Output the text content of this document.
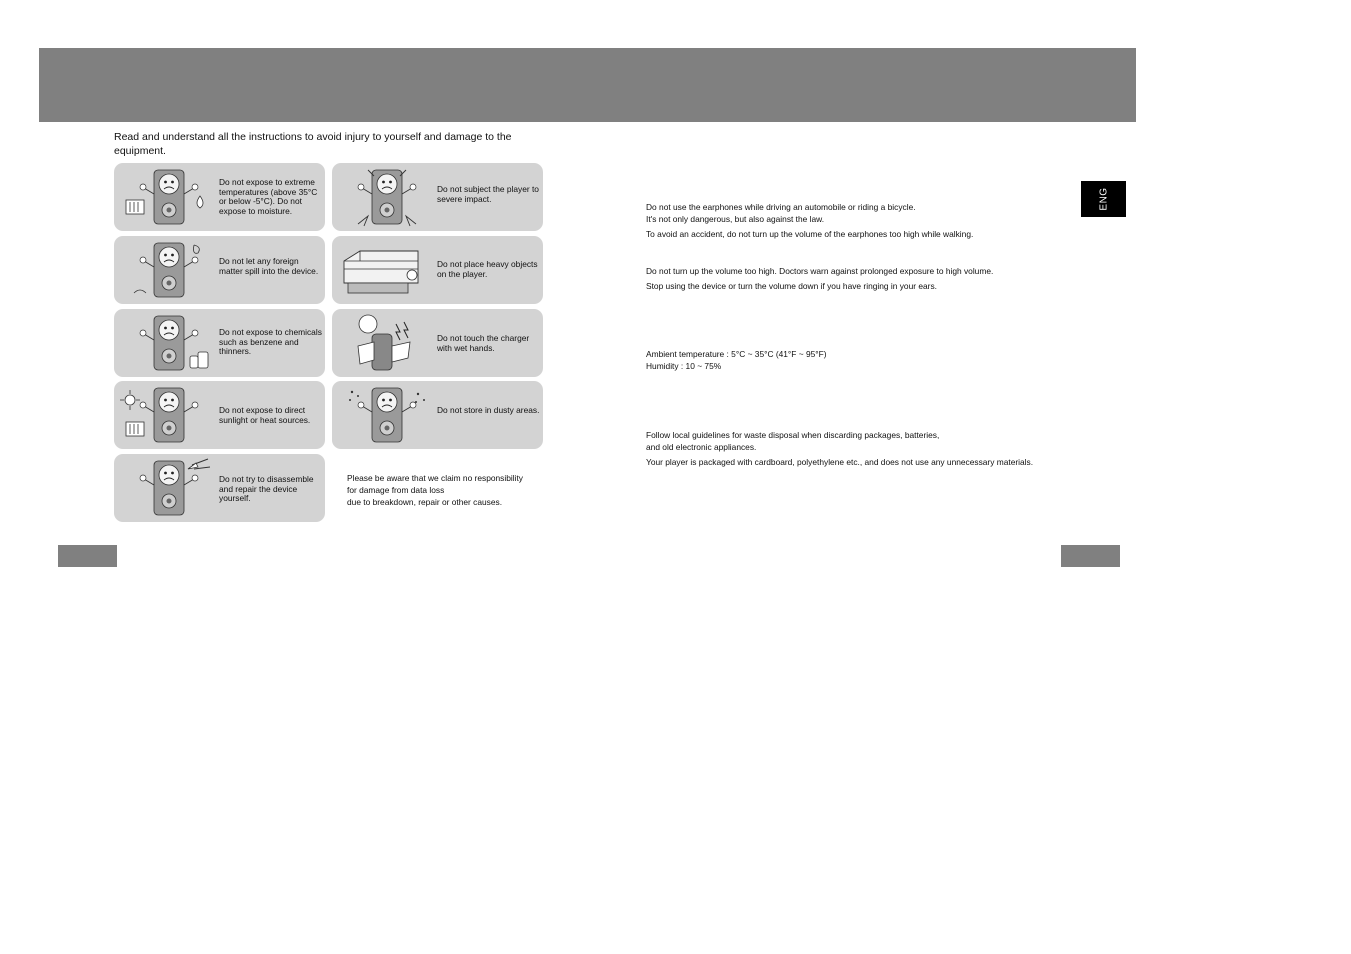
Read and understand all the instructions to avoid injury to yourself and damage to the equipment.
Do not expose to extreme temperatures (above 35°C or below -5°C). Do not expose to moisture.
Do not subject the player to severe impact.
Do not let any foreign matter spill into the device.
Do not place heavy objects on the player.
Do not expose to chemicals such as benzene and thinners.
Do not touch the charger with wet hands.
Do not expose to direct sunlight or heat sources.
Do not store in dusty areas.
Do not try to disassemble and repair the device yourself.
Please be aware that we claim no responsibility
for damage from data loss
due to breakdown, repair or other causes.
ENG

Do not use the earphones while driving an automobile or riding a bicycle.

It's not only dangerous, but also against the law.

To avoid an accident, do not turn up the volume of the earphones too high while walking.

Do not turn up the volume too high. Doctors warn against prolonged exposure to high volume.

Stop using the device or turn the volume down if you have ringing in your ears.

Ambient temperature : 5°C ~ 35°C (41°F ~ 95°F)

Humidity : 10 ~ 75%

Follow local guidelines for waste disposal when discarding packages, batteries,

and old electronic appliances.

Your player is packaged with cardboard, polyethylene etc., and does not use any unnecessary materials.
